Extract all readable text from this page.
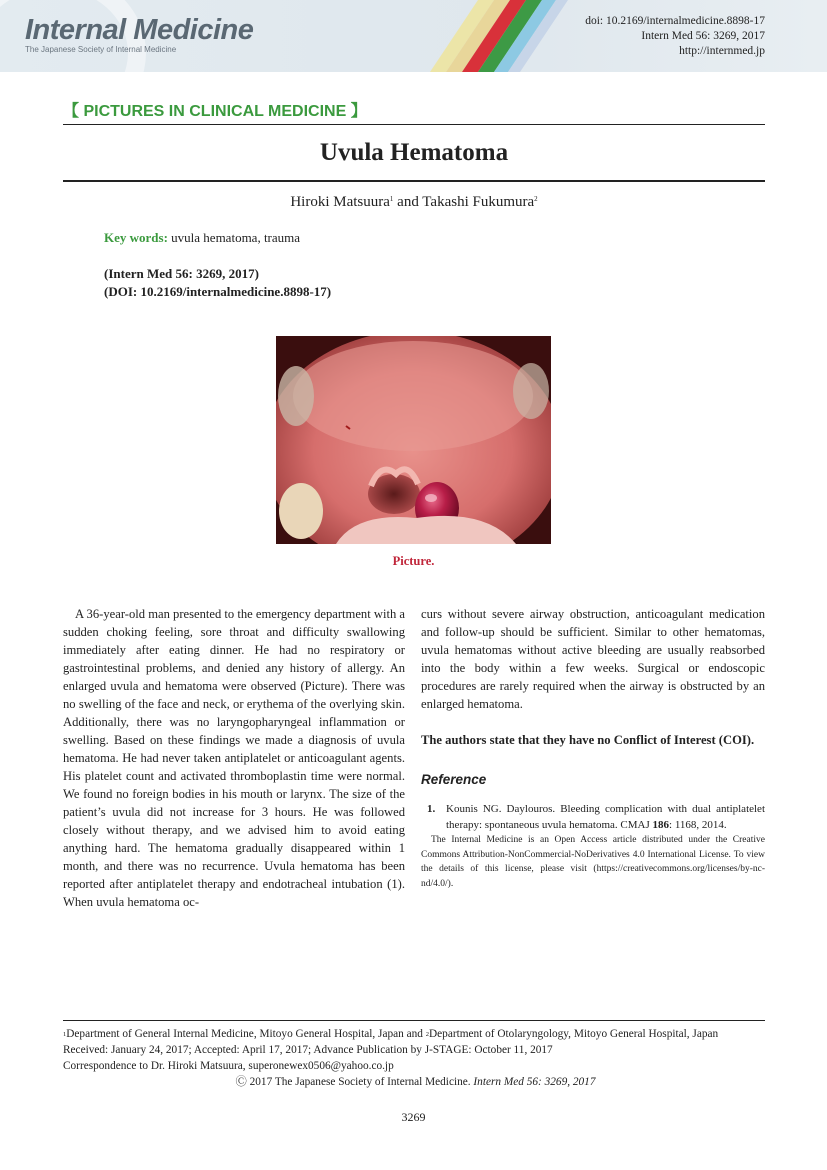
Internal Medicine
The Japanese Society of Internal Medicine
doi: 10.2169/internalmedicine.8898-17
Intern Med 56: 3269, 2017
http://internmed.jp
【 PICTURES IN CLINICAL MEDICINE 】
Uvula Hematoma
Hiroki Matsuura$^1$ and Takashi Fukumura$^2$
Key words: uvula hematoma, trauma
(Intern Med 56: 3269, 2017)
(DOI: 10.2169/internalmedicine.8898-17)
Picture.

A 36-year-old man presented to the emergency department with a sudden choking feeling, sore throat and difficulty swallowing immediately after eating dinner. He had no respiratory or gastrointestinal problems, and denied any history of allergy. An enlarged uvula and hematoma were observed (Picture). There was no swelling of the face and neck, or erythema of the overlying skin. Additionally, there was no laryngopharyngeal inflammation or swelling. Based on these findings we made a diagnosis of uvula hematoma. He had never taken antiplatelet or anticoagulant agents. His platelet count and activated thromboplastin time were normal. We found no foreign bodies in his mouth or larynx. The size of the patient’s uvula did not increase for 3 hours. He was followed closely without therapy, and we advised him to avoid eating anything hard. The hematoma gradually disappeared within 1 month, and there was no recurrence. Uvula hematoma has been reported after antiplatelet therapy and endotracheal intubation (1). When uvula hematoma oc-

curs without severe airway obstruction, anticoagulant medication and follow-up should be sufficient. Similar to other hematomas, uvula hematomas without active bleeding are usually reabsorbed into the body within a few weeks. Surgical or endoscopic procedures are rarely required when the airway is obstructed by an enlarged hematoma.

The authors state that they have no Conflict of Interest (COI).

Reference
1. Kounis NG. Daylouros. Bleeding complication with dual antiplatelet therapy: spontaneous uvula hematoma. CMAJ 186: 1168, 2014.

The Internal Medicine is an Open Access article distributed under the Creative Commons Attribution-NonCommercial-NoDerivatives 4.0 International License. To view the details of this license, please visit (https://creativecommons.org/licenses/by-nc-nd/4.0/).

$^1$Department of General Internal Medicine, Mitoyo General Hospital, Japan and $^2$Department of Otolaryngology, Mitoyo General Hospital, Japan
Received: January 24, 2017; Accepted: April 17, 2017; Advance Publication by J-STAGE: October 11, 2017
Correspondence to Dr. Hiroki Matsuura, superonewex0506@yahoo.co.jp
Ⓒ 2017 The Japanese Society of Internal Medicine. Intern Med 56: 3269, 2017
3269
